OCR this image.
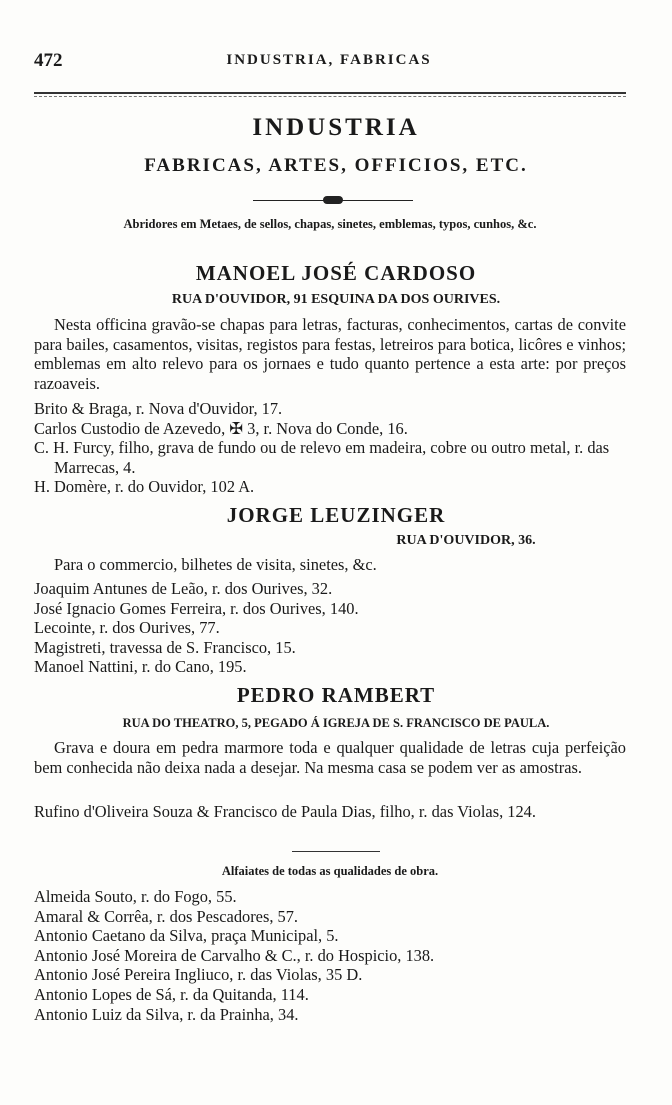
472	INDUSTRIA, FABRICAS
INDUSTRIA
FABRICAS, ARTES, OFFICIOS, ETC.
Abridores em Metaes, de sellos, chapas, sinetes, emblemas, typos, cunhos, &c.
MANOEL JOSÉ CARDOSO
RUA D'OUVIDOR, 91 ESQUINA DA DOS OURIVES.

Nesta officina gravão-se chapas para letras, facturas, conhecimentos, cartas de convite para bailes, casamentos, visitas, registos para festas, letreiros para botica, licôres e vinhos; emblemas em alto relevo para os jornaes e tudo quanto pertence a esta arte: por preços razoaveis.

Brito & Braga, r. Nova d'Ouvidor, 17.
Carlos Custodio de Azevedo, ✠ 3, r. Nova do Conde, 16.
C. H. Furcy, filho, grava de fundo ou de relevo em madeira, cobre ou outro metal, r. das Marrecas, 4.
H. Domère, r. do Ouvidor, 102 A.
JORGE LEUZINGER
RUA D'OUVIDOR, 36.

Para o commercio, bilhetes de visita, sinetes, &c.

Joaquim Antunes de Leão, r. dos Ourives, 32.
José Ignacio Gomes Ferreira, r. dos Ourives, 140.
Lecointe, r. dos Ourives, 77.
Magistreti, travessa de S. Francisco, 15.
Manoel Nattini, r. do Cano, 195.
PEDRO RAMBERT
RUA DO THEATRO, 5, PEGADO Á IGREJA DE S. FRANCISCO DE PAULA.

Grava e doura em pedra marmore toda e qualquer qualidade de letras cuja perfeição bem conhecida não deixa nada a desejar. Na mesma casa se podem ver as amostras.

Rufino d'Oliveira Souza & Francisco de Paula Dias, filho, r. das Violas, 124.
Alfaiates de todas as qualidades de obra.
Almeida Souto, r. do Fogo, 55.
Amaral & Corrêa, r. dos Pescadores, 57.
Antonio Caetano da Silva, praça Municipal, 5.
Antonio José Moreira de Carvalho & C., r. do Hospicio, 138.
Antonio José Pereira Ingliuco, r. das Violas, 35 D.
Antonio Lopes de Sá, r. da Quitanda, 114.
Antonio Luiz da Silva, r. da Prainha, 34.
